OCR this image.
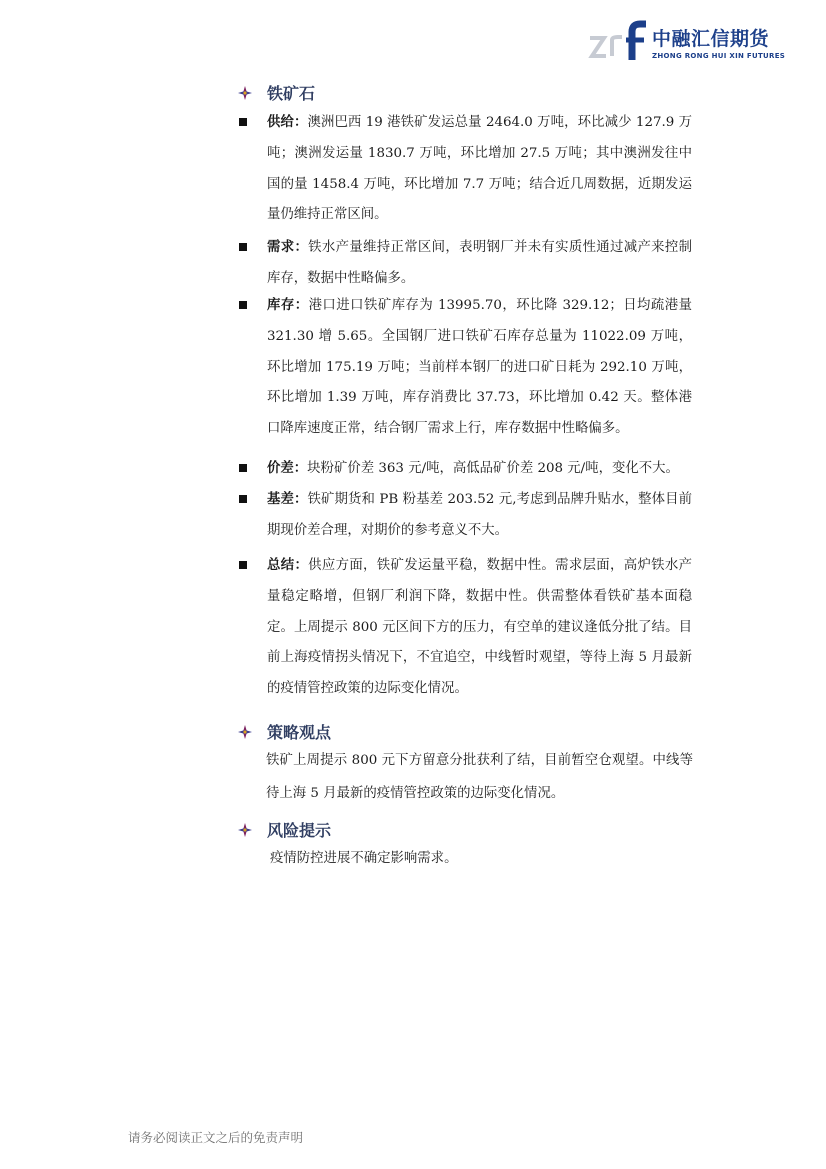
中融汇信期货
ZHONG RONG HUI XIN FUTURES
铁矿石
供给：澳洲巴西 19 港铁矿发运总量 2464.0 万吨，环比减少 127.9 万吨；澳洲发运量 1830.7 万吨，环比增加 27.5 万吨；其中澳洲发往中国的量 1458.4 万吨，环比增加 7.7 万吨；结合近几周数据，近期发运量仍维持正常区间。
需求：铁水产量维持正常区间，表明钢厂并未有实质性通过减产来控制库存，数据中性略偏多。
库存：港口进口铁矿库存为 13995.70，环比降 329.12；日均疏港量 321.30 增 5.65。全国钢厂进口铁矿石库存总量为 11022.09 万吨，环比增加 175.19 万吨；当前样本钢厂的进口矿日耗为 292.10 万吨，环比增加 1.39 万吨，库存消费比 37.73，环比增加 0.42 天。整体港口降库速度正常，结合钢厂需求上行，库存数据中性略偏多。
价差：块粉矿价差 363 元/吨，高低品矿价差 208 元/吨，变化不大。
基差：铁矿期货和 PB 粉基差 203.52 元,考虑到品牌升贴水，整体目前期现价差合理，对期价的参考意义不大。
总结：供应方面，铁矿发运量平稳，数据中性。需求层面，高炉铁水产量稳定略增，但钢厂利润下降，数据中性。供需整体看铁矿基本面稳定。上周提示 800 元区间下方的压力，有空单的建议逢低分批了结。目前上海疫情拐头情况下，不宜追空，中线暂时观望，等待上海 5 月最新的疫情管控政策的边际变化情况。
策略观点
铁矿上周提示 800 元下方留意分批获利了结，目前暂空仓观望。中线等待上海 5 月最新的疫情管控政策的边际变化情况。
风险提示
疫情防控进展不确定影响需求。
请务必阅读正文之后的免责声明
